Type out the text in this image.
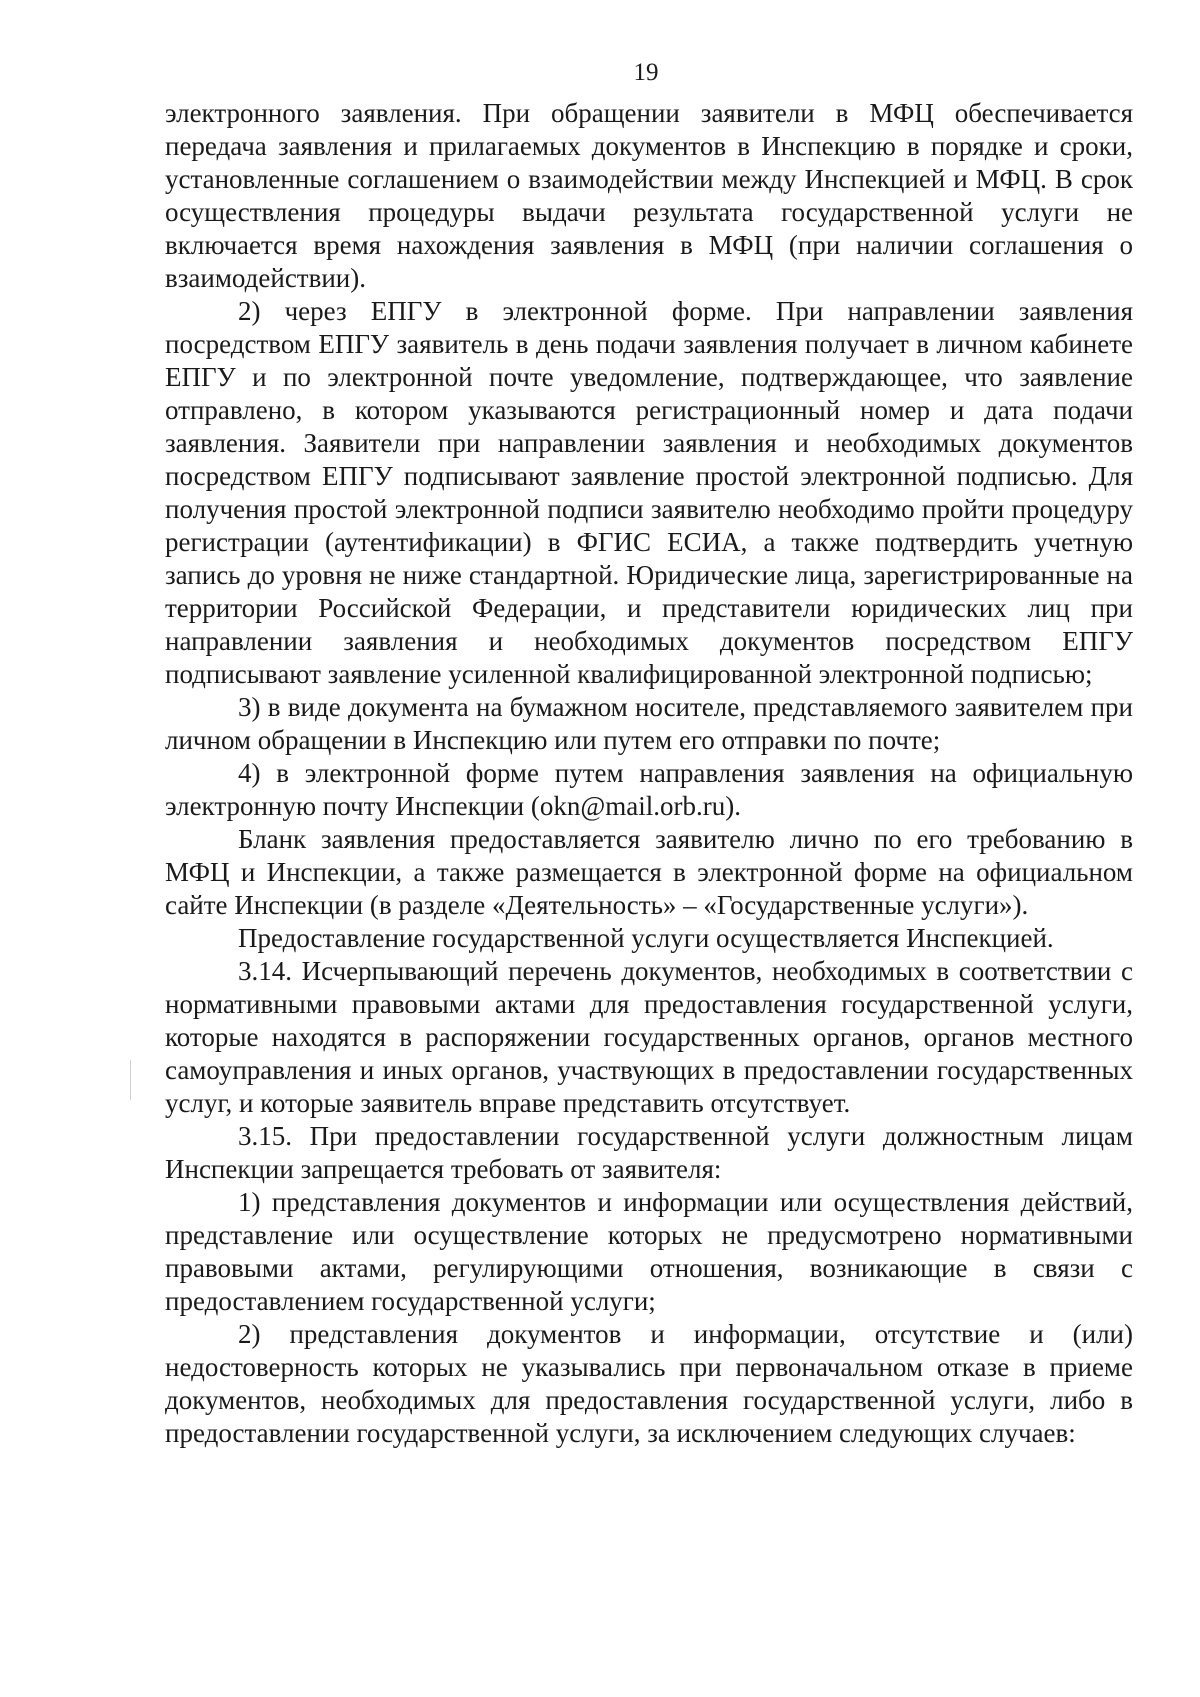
19

электронного заявления. При обращении заявители в МФЦ обеспечивается передача заявления и прилагаемых документов в Инспекцию в порядке и сроки, установленные соглашением о взаимодействии между Инспекцией и МФЦ. В срок осуществления процедуры выдачи результата государственной услуги не включается время нахождения заявления в МФЦ (при наличии соглашения о взаимодействии).

2) через ЕПГУ в электронной форме. При направлении заявления посредством ЕПГУ заявитель в день подачи заявления получает в личном кабинете ЕПГУ и по электронной почте уведомление, подтверждающее, что заявление отправлено, в котором указываются регистрационный номер и дата подачи заявления. Заявители при направлении заявления и необходимых документов посредством ЕПГУ подписывают заявление простой электронной подписью. Для получения простой электронной подписи заявителю необходимо пройти процедуру регистрации (аутентификации) в ФГИС ЕСИА, а также подтвердить учетную запись до уровня не ниже стандартной. Юридические лица, зарегистрированные на территории Российской Федерации, и представители юридических лиц при направлении заявления и необходимых документов посредством ЕПГУ подписывают заявление усиленной квалифицированной электронной подписью;

3) в виде документа на бумажном носителе, представляемого заявителем при личном обращении в Инспекцию или путем его отправки по почте;

4) в электронной форме путем направления заявления на официальную электронную почту Инспекции (okn@mail.orb.ru).

Бланк заявления предоставляется заявителю лично по его требованию в МФЦ и Инспекции, а также размещается в электронной форме на официальном сайте Инспекции (в разделе «Деятельность» – «Государственные услуги»).

Предоставление государственной услуги осуществляется Инспекцией.

3.14. Исчерпывающий перечень документов, необходимых в соответствии с нормативными правовыми актами для предоставления государственной услуги, которые находятся в распоряжении государственных органов, органов местного самоуправления и иных органов, участвующих в предоставлении государственных услуг, и которые заявитель вправе представить отсутствует.

3.15. При предоставлении государственной услуги должностным лицам Инспекции запрещается требовать от заявителя:

1) представления документов и информации или осуществления действий, представление или осуществление которых не предусмотрено нормативными правовыми актами, регулирующими отношения, возникающие в связи с предоставлением государственной услуги;

2) представления документов и информации, отсутствие и (или) недостоверность которых не указывались при первоначальном отказе в приеме документов, необходимых для предоставления государственной услуги, либо в предоставлении государственной услуги, за исключением следующих случаев:
